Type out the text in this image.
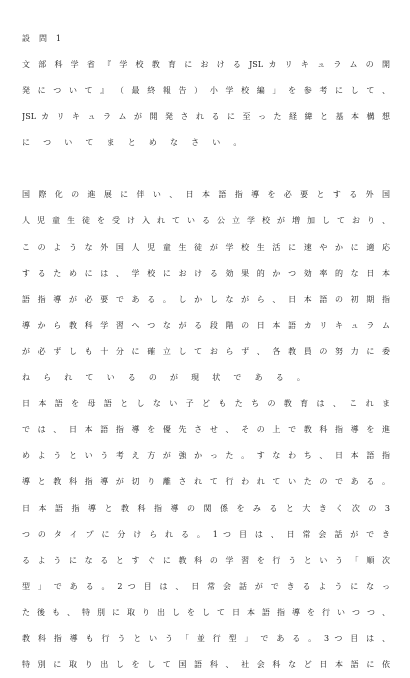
設 問 1
文 部 科 学 省 『 学 校 教 育 に お け る JSL カ リ キ ュ ラ ム の 開
発 に つ い て 』 （ 最 終 報 告 ） 小 学 校 編 」 を 参 考 に し て 、
JSL カ リ キ ュ ラ ム が 開 発 さ れ る に 至 っ た 経 緯 と 基 本 構 想
に つ い て ま と め な さ い 。
国 際 化 の 進 展 に 伴 い 、 日 本 語 指 導 を 必 要 と す る 外 国
人 児 童 生 徒 を 受 け 入 れ て い る 公 立 学 校 が 増 加 し て お り 、
こ の よ う な 外 国 人 児 童 生 徒 が 学 校 生 活 に 速 や か に 適 応
す る た め に は 、 学 校 に お け る 効 果 的 か つ 効 率 的 な 日 本
語 指 導 が 必 要 で あ る 。 し か し な が ら 、 日 本 語 の 初 期 指
導 か ら 教 科 学 習 へ つ な が る 段 階 の 日 本 語 カ リ キ ュ ラ ム
が 必 ず し も 十 分 に 確 立 し て お ら ず 、 各 教 員 の 努 力 に 委
ね ら れ て い る の が 現 状 で あ る 。
日 本 語 を 母 語 と し な い 子 ど も た ち の 教 育 は 、 こ れ ま
で は 、 日 本 語 指 導 を 優 先 さ せ 、 そ の 上 で 教 科 指 導 を 進
め よ う と い う 考 え 方 が 強 か っ た 。 す な わ ち 、 日 本 語 指
導 と 教 科 指 導 が 切 り 離 さ れ て 行 わ れ て い た の で あ る 。
日 本 語 指 導 と 教 科 指 導 の 関 係 を み る と 大 き く 次 の 3
つ の タ イ プ に 分 け ら れ る 。 1 つ 目 は 、 日 常 会 話 が で き
る よ う に な る と す ぐ に 教 科 の 学 習 を 行 う と い う 「 順 次
型 」 で あ る 。 2 つ 目 は 、 日 常 会 話 が で き る よ う に な っ
た 後 も 、 特 別 に 取 り 出 し を し て 日 本 語 指 導 を 行 い つ つ 、
教 科 指 導 も 行 う と い う 「 並 行 型 」 で あ る 。 3 つ 目 は 、
特 別 に 取 り 出 し を し て 国 語 科 、 社 会 科 な ど 日 本 語 に 依
